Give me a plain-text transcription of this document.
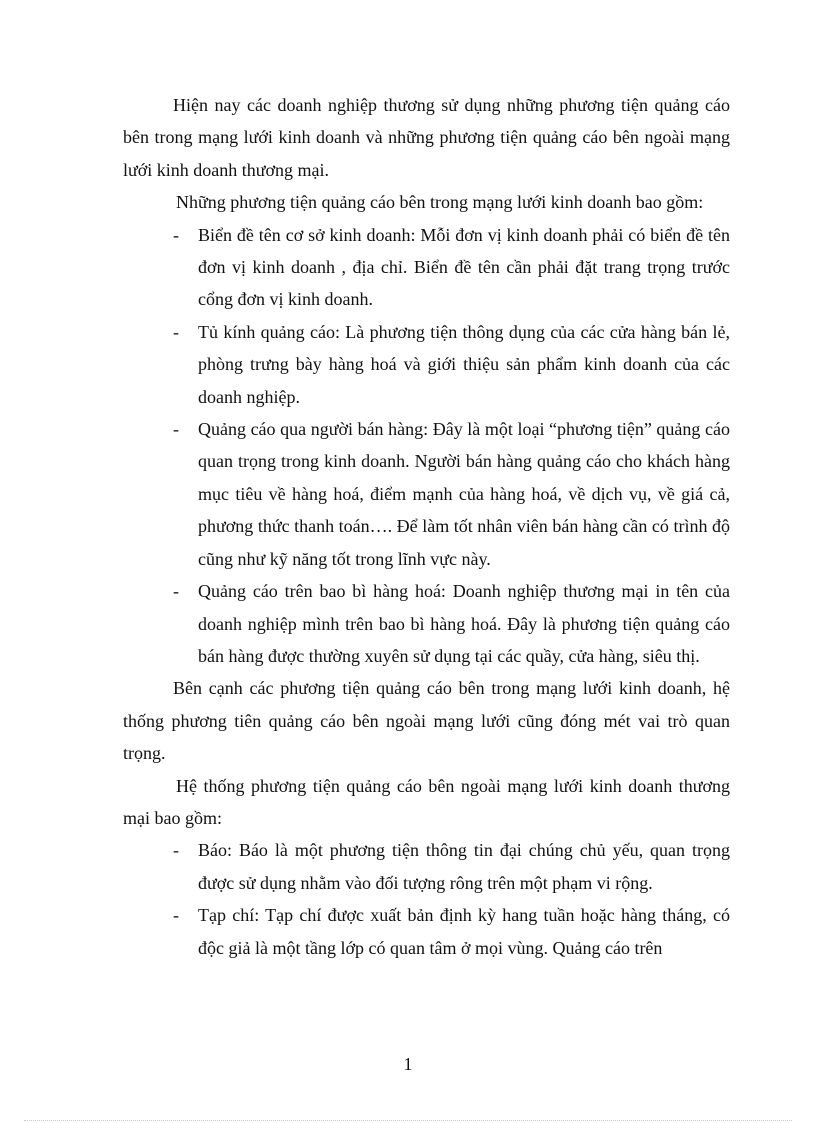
Hiện nay các doanh nghiệp thương sử dụng những phương tiện quảng cáo bên trong mạng lưới kinh doanh và những phương tiện quảng cáo bên ngoài mạng lưới kinh doanh thương mại.

Những phương tiện quảng cáo bên trong mạng lưới kinh doanh bao gồm:

- Biển đề tên cơ sở kinh doanh: Mỗi đơn vị kinh doanh phải có biển đề tên đơn vị kinh doanh , địa chỉ. Biển đề tên cần phải đặt trang trọng trước cổng đơn vị kinh doanh.

- Tủ kính quảng cáo: Là phương tiện thông dụng của các cửa hàng bán lẻ, phòng trưng bày hàng hoá và giới thiệu sản phẩm kinh doanh của các doanh nghiệp.

- Quảng cáo qua người bán hàng: Đây là một loại “phương tiện” quảng cáo quan trọng trong kinh doanh. Người bán hàng quảng cáo cho khách hàng mục tiêu về hàng hoá, điểm mạnh của hàng hoá, về dịch vụ, về giá cả, phương thức thanh toán…. Để làm tốt nhân viên bán hàng cần có trình độ cũng như kỹ năng tốt trong lĩnh vực này.

- Quảng cáo trên bao bì hàng hoá: Doanh nghiệp thương mại in tên của doanh nghiệp mình trên bao bì hàng hoá. Đây là phương tiện quảng cáo bán hàng được thường xuyên sử dụng tại các quầy, cửa hàng, siêu thị.

Bên cạnh các phương tiện quảng cáo bên trong mạng lưới kinh doanh, hệ thống phương tiên quảng cáo bên ngoài mạng lưới cũng đóng mét vai trò quan trọng.

Hệ thống phương tiện quảng cáo bên ngoài mạng lưới kinh doanh thương mại bao gồm:

- Báo: Báo là một phương tiện thông tin đại chúng chủ yếu, quan trọng được sử dụng nhằm vào đối tượng rông trên một phạm vi rộng.

- Tạp chí: Tạp chí được xuất bản định kỳ hang tuần hoặc hàng tháng, có độc giả là một tầng lớp có quan tâm ở mọi vùng. Quảng cáo trên

1
